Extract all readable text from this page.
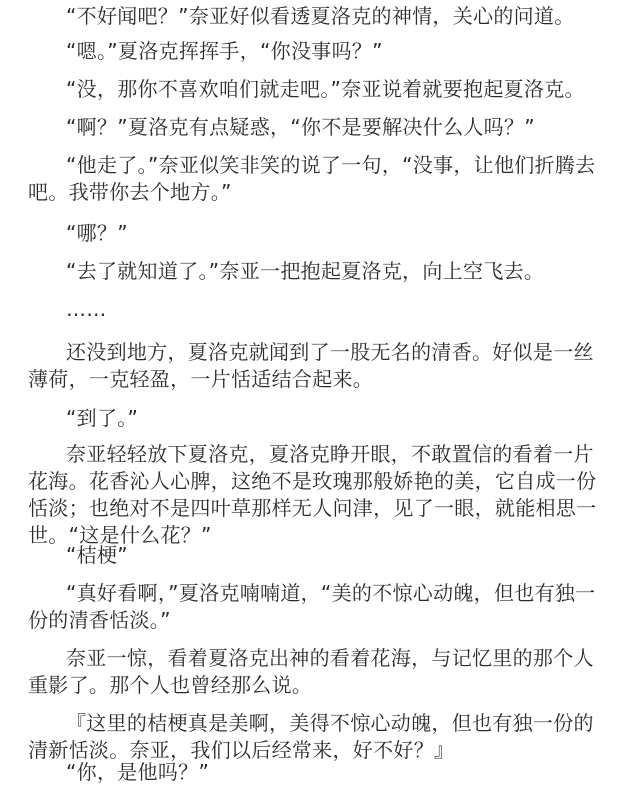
“不好闻吧？”奈亚好似看透夏洛克的神情，关心的问道。

“嗯。”夏洛克挥挥手，“你没事吗？”

“没，那你不喜欢咱们就走吧。”奈亚说着就要抱起夏洛克。

“啊？”夏洛克有点疑惑，“你不是要解决什么人吗？”

“他走了。”奈亚似笑非笑的说了一句，“没事，让他们折腾去吧。我带你去个地方。”

“哪？”

“去了就知道了。”奈亚一把抱起夏洛克，向上空飞去。

……

还没到地方，夏洛克就闻到了一股无名的清香。好似是一丝薄荷，一克轻盈，一片恬适结合起来。

“到了。”

奈亚轻轻放下夏洛克，夏洛克睁开眼，不敢置信的看着一片花海。花香沁人心脾，这绝不是玫瑰那般娇艳的美，它自成一份恬淡；也绝对不是四叶草那样无人问津，见了一眼，就能相思一世。“这是什么花？”

“桔梗”

“真好看啊，”夏洛克喃喃道，“美的不惊心动魄，但也有独一份的清香恬淡。”

奈亚一惊，看着夏洛克出神的看着花海，与记忆里的那个人重影了。那个人也曾经那么说。

『这里的桔梗真是美啊，美得不惊心动魄，但也有独一份的清新恬淡。奈亚，我们以后经常来，好不好？』

“你，是他吗？”
